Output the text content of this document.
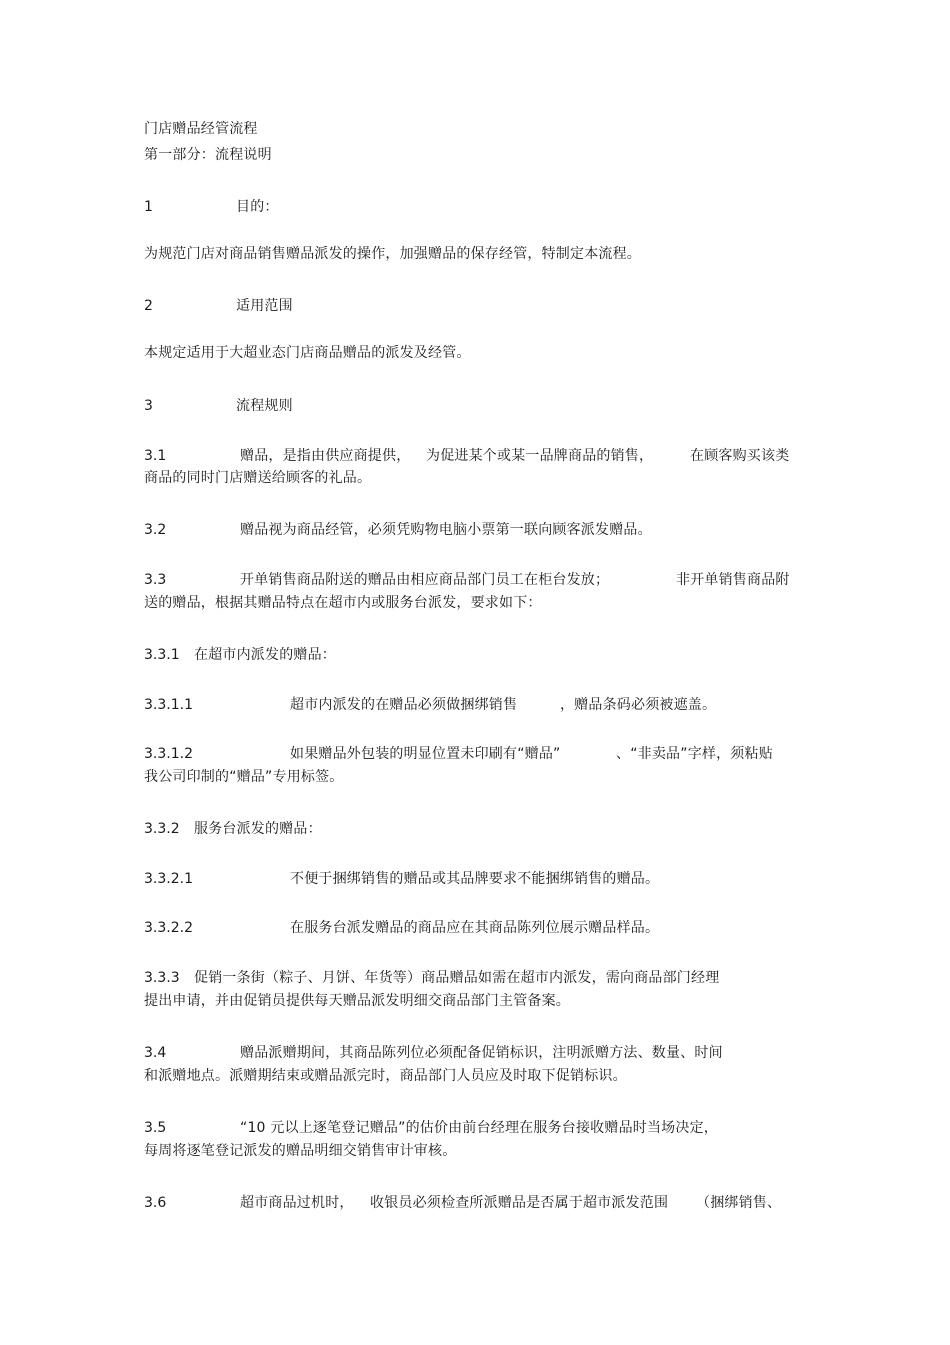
门店赠品经管流程
第一部分：流程说明
1	目的：
为规范门店对商品销售赠品派发的操作，加强赠品的保存经管，特制定本流程。
2	适用范围
本规定适用于大超业态门店商品赠品的派发及经管。
3	流程规则
3.1	赠品，是指由供应商提供， 为促进某个或某一品牌商品的销售，	在顾客购买该类
商品的同时门店赠送给顾客的礼品。
3.2	赠品视为商品经管，必须凭购物电脑小票第一联向顾客派发赠品。
3.3	开单销售商品附送的赠品由相应商品部门员工在柜台发放；	非开单销售商品附
送的赠品，根据其赠品特点在超市内或服务台派发，要求如下：
3.3.1 在超市内派发的赠品：
3.3.1.1	超市内派发的在赠品必须做捆绑销售	，赠品条码必须被遮盖。
3.3.1.2	如果赠品外包装的明显位置未印刷有“赠品”	、“非卖品”字样，须粘贴
我公司印制的“赠品”专用标签。
3.3.2 服务台派发的赠品：
3.3.2.1	不便于捆绑销售的赠品或其品牌要求不能捆绑销售的赠品。
3.3.2.2	在服务台派发赠品的商品应在其商品陈列位展示赠品样品。
3.3.3 促销一条街（粽子、月饼、年货等）商品赠品如需在超市内派发，需向商品部门经理
提出申请，并由促销员提供每天赠品派发明细交商品部门主管备案。
3.4	赠品派赠期间，其商品陈列位必须配备促销标识，注明派赠方法、数量、时间
和派赠地点。派赠期结束或赠品派完时，商品部门人员应及时取下促销标识。
3.5	“10 元以上逐笔登记赠品”的估价由前台经理在服务台接收赠品时当场决定，
每周将逐笔登记派发的赠品明细交销售审计审核。
3.6	超市商品过机时， 收银员必须检查所派赠品是否属于超市派发范围 （捆绑销售、
